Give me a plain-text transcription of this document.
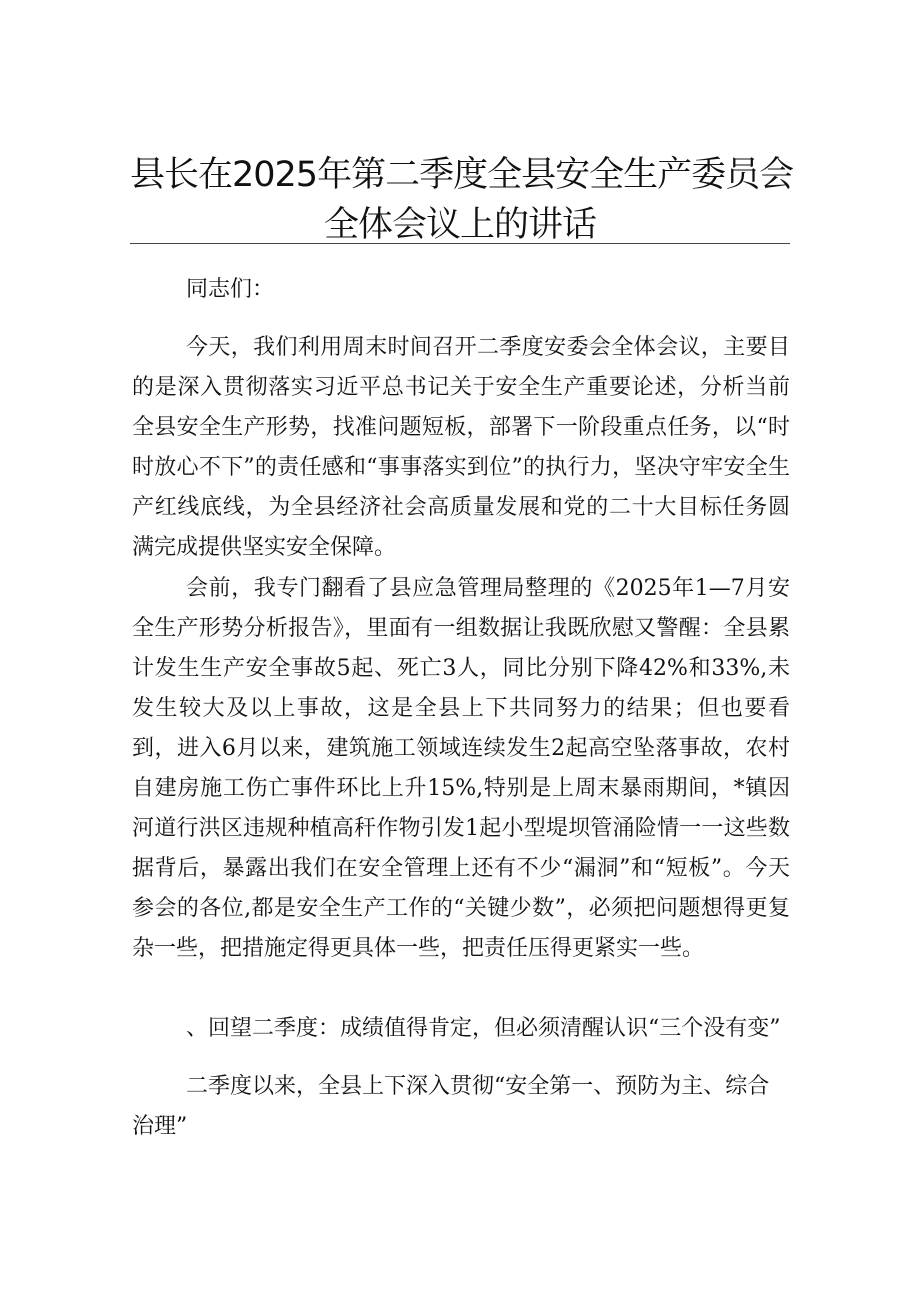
县长在2025年第二季度全县安全生产委员会
全体会议上的讲话

同志们：

今天，我们利用周末时间召开二季度安委会全体会议，主要目的是深入贯彻落实习近平总书记关于安全生产重要论述，分析当前全县安全生产形势，找准问题短板，部署下一阶段重点任务，以“时时放心不下”的责任感和“事事落实到位”的执行力，坚决守牢安全生产红线底线，为全县经济社会高质量发展和党的二十大目标任务圆满完成提供坚实安全保障。

会前，我专门翻看了县应急管理局整理的《2025年1—7月安全生产形势分析报告》，里面有一组数据让我既欣慰又警醒：全县累计发生生产安全事故5起、死亡3人，同比分别下降42%和33%,未发生较大及以上事故，这是全县上下共同努力的结果；但也要看到，进入6月以来，建筑施工领域连续发生2起高空坠落事故，农村自建房施工伤亡事件环比上升15%,特别是上周末暴雨期间，*镇因河道行洪区违规种植高秆作物引发1起小型堤坝管涌险情一一这些数据背后，暴露出我们在安全管理上还有不少“漏洞”和“短板”。今天参会的各位,都是安全生产工作的“关键少数”，必须把问题想得更复杂一些，把措施定得更具体一些，把责任压得更紧实一些。

、回望二季度：成绩值得肯定，但必须清醒认识“三个没有变”

二季度以来，全县上下深入贯彻“安全第一、预防为主、综合治理”
